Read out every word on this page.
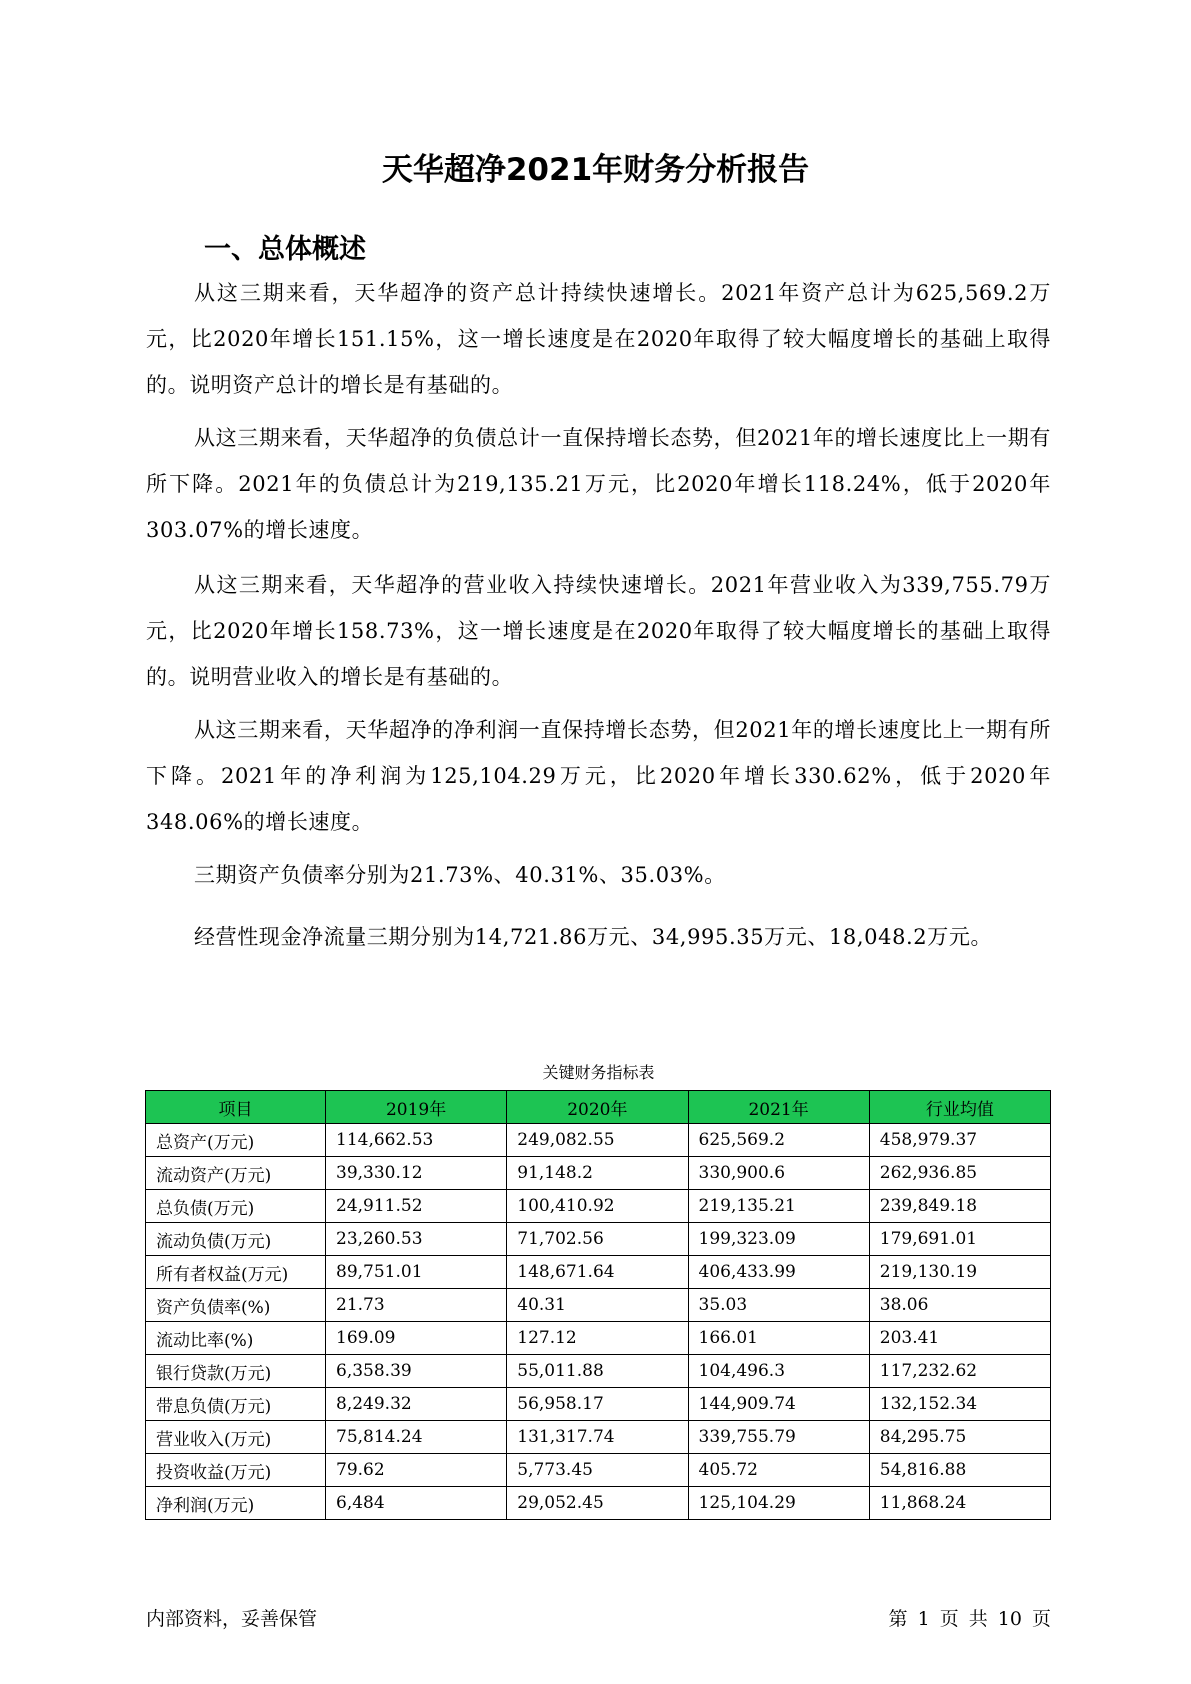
天华超净2021年财务分析报告
一、总体概述

从这三期来看，天华超净的资产总计持续快速增长。2021年资产总计为625,569.2万元，比2020年增长151.15%，这一增长速度是在2020年取得了较大幅度增长的基础上取得的。说明资产总计的增长是有基础的。

从这三期来看，天华超净的负债总计一直保持增长态势，但2021年的增长速度比上一期有所下降。2021年的负债总计为219,135.21万元，比2020年增长118.24%，低于2020年303.07%的增长速度。

从这三期来看，天华超净的营业收入持续快速增长。2021年营业收入为339,755.79万元，比2020年增长158.73%，这一增长速度是在2020年取得了较大幅度增长的基础上取得的。说明营业收入的增长是有基础的。

从这三期来看，天华超净的净利润一直保持增长态势，但2021年的增长速度比上一期有所下降。2021年的净利润为125,104.29万元，比2020年增长330.62%，低于2020年348.06%的增长速度。

三期资产负债率分别为21.73%、40.31%、35.03%。

经营性现金净流量三期分别为14,721.86万元、34,995.35万元、18,048.2万元。

关键财务指标表

项目	2019年	2020年	2021年	行业均值
总资产(万元)	114,662.53	249,082.55	625,569.2	458,979.37
流动资产(万元)	39,330.12	91,148.2	330,900.6	262,936.85
总负债(万元)	24,911.52	100,410.92	219,135.21	239,849.18
流动负债(万元)	23,260.53	71,702.56	199,323.09	179,691.01
所有者权益(万元)	89,751.01	148,671.64	406,433.99	219,130.19
资产负债率(%)	21.73	40.31	35.03	38.06
流动比率(%)	169.09	127.12	166.01	203.41
银行贷款(万元)	6,358.39	55,011.88	104,496.3	117,232.62
带息负债(万元)	8,249.32	56,958.17	144,909.74	132,152.34
营业收入(万元)	75,814.24	131,317.74	339,755.79	84,295.75
投资收益(万元)	79.62	5,773.45	405.72	54,816.88
净利润(万元)	6,484	29,052.45	125,104.29	11,868.24

内部资料，妥善保管	第 1 页 共 10 页
